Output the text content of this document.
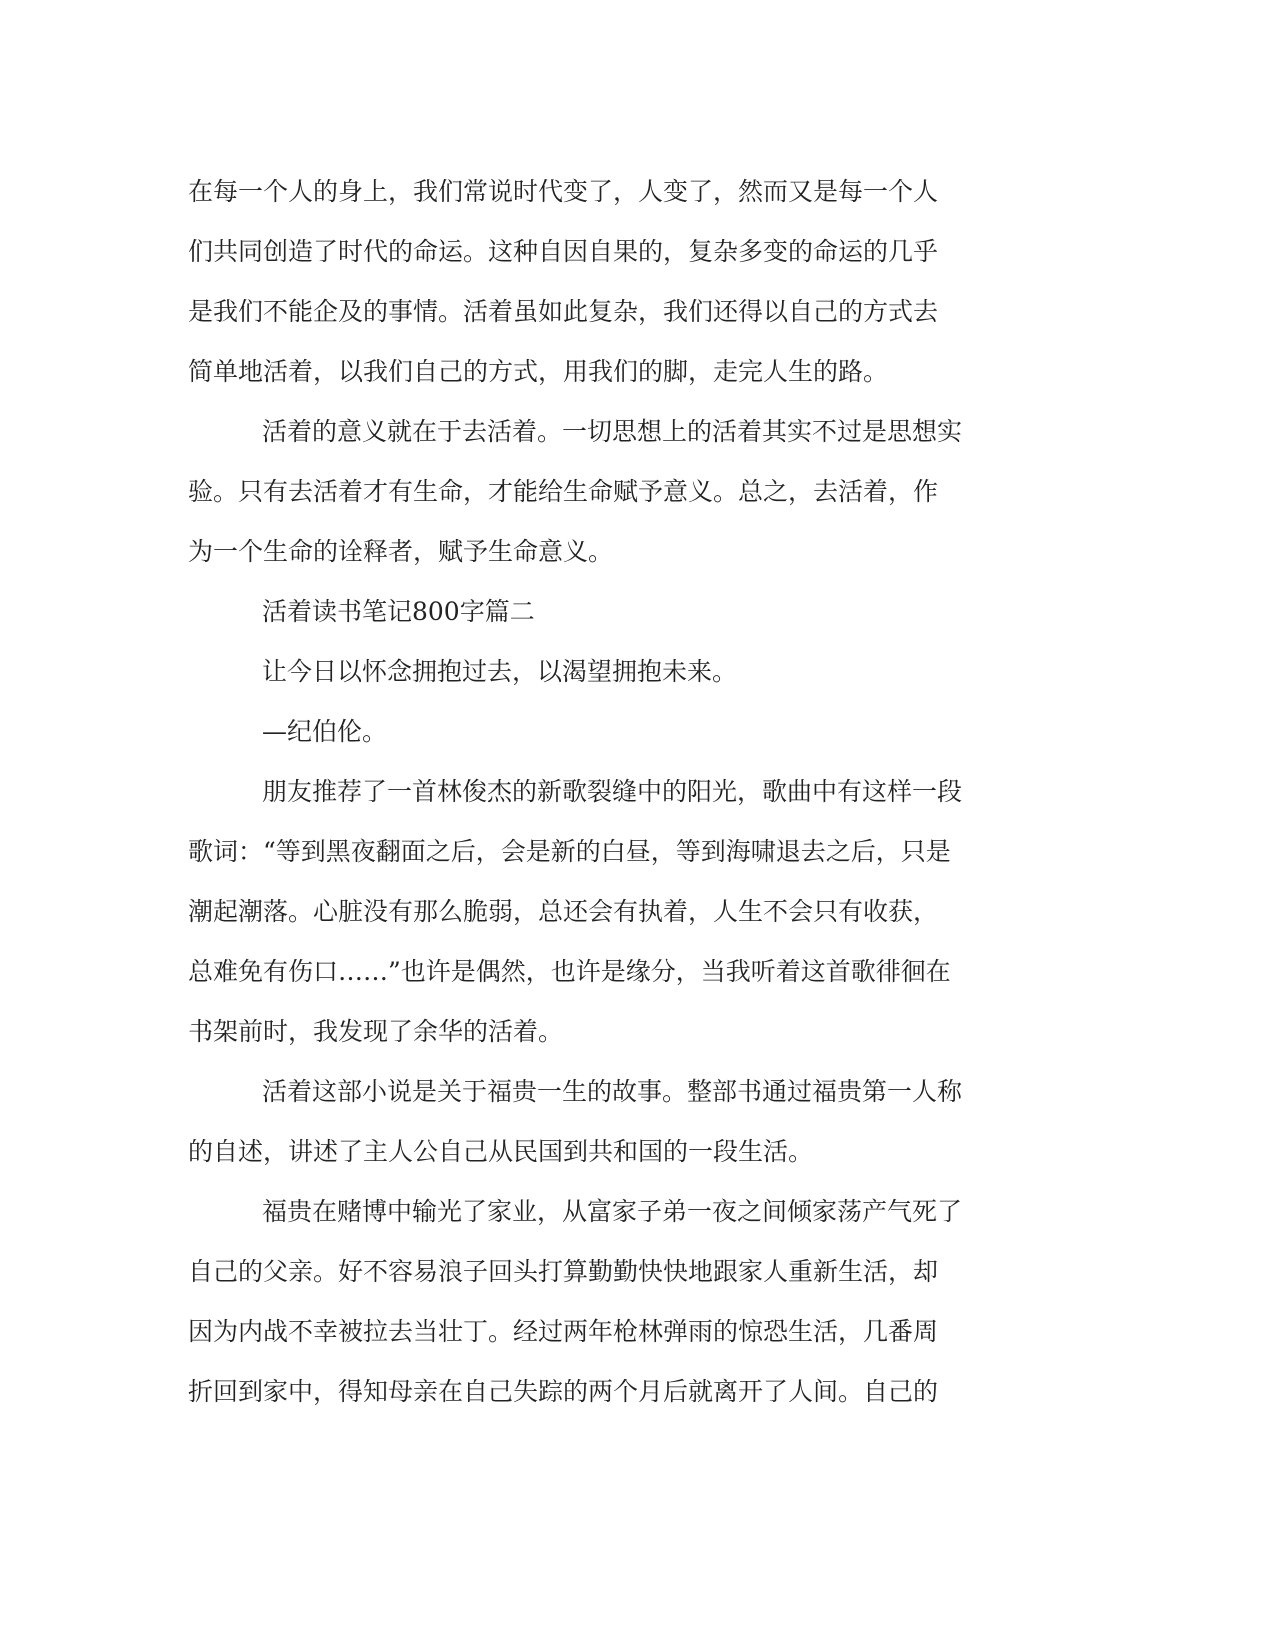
在每一个人的身上，我们常说时代变了，人变了，然而又是每一个人
们共同创造了时代的命运。这种自因自果的，复杂多变的命运的几乎
是我们不能企及的事情。活着虽如此复杂，我们还得以自己的方式去
简单地活着，以我们自己的方式，用我们的脚，走完人生的路。
活着的意义就在于去活着。一切思想上的活着其实不过是思想实
验。只有去活着才有生命，才能给生命赋予意义。总之，去活着，作
为一个生命的诠释者，赋予生命意义。
活着读书笔记800字篇二
让今日以怀念拥抱过去，以渴望拥抱未来。
—纪伯伦。
朋友推荐了一首林俊杰的新歌裂缝中的阳光，歌曲中有这样一段
歌词：“等到黑夜翻面之后，会是新的白昼，等到海啸退去之后，只是
潮起潮落。心脏没有那么脆弱，总还会有执着，人生不会只有收获，
总难免有伤口……”也许是偶然，也许是缘分，当我听着这首歌徘徊在
书架前时，我发现了余华的活着。
活着这部小说是关于福贵一生的故事。整部书通过福贵第一人称
的自述，讲述了主人公自己从民国到共和国的一段生活。
福贵在赌博中输光了家业，从富家子弟一夜之间倾家荡产气死了
自己的父亲。好不容易浪子回头打算勤勤快快地跟家人重新生活，却
因为内战不幸被拉去当壮丁。经过两年枪林弹雨的惊恐生活，几番周
折回到家中，得知母亲在自己失踪的两个月后就离开了人间。自己的
